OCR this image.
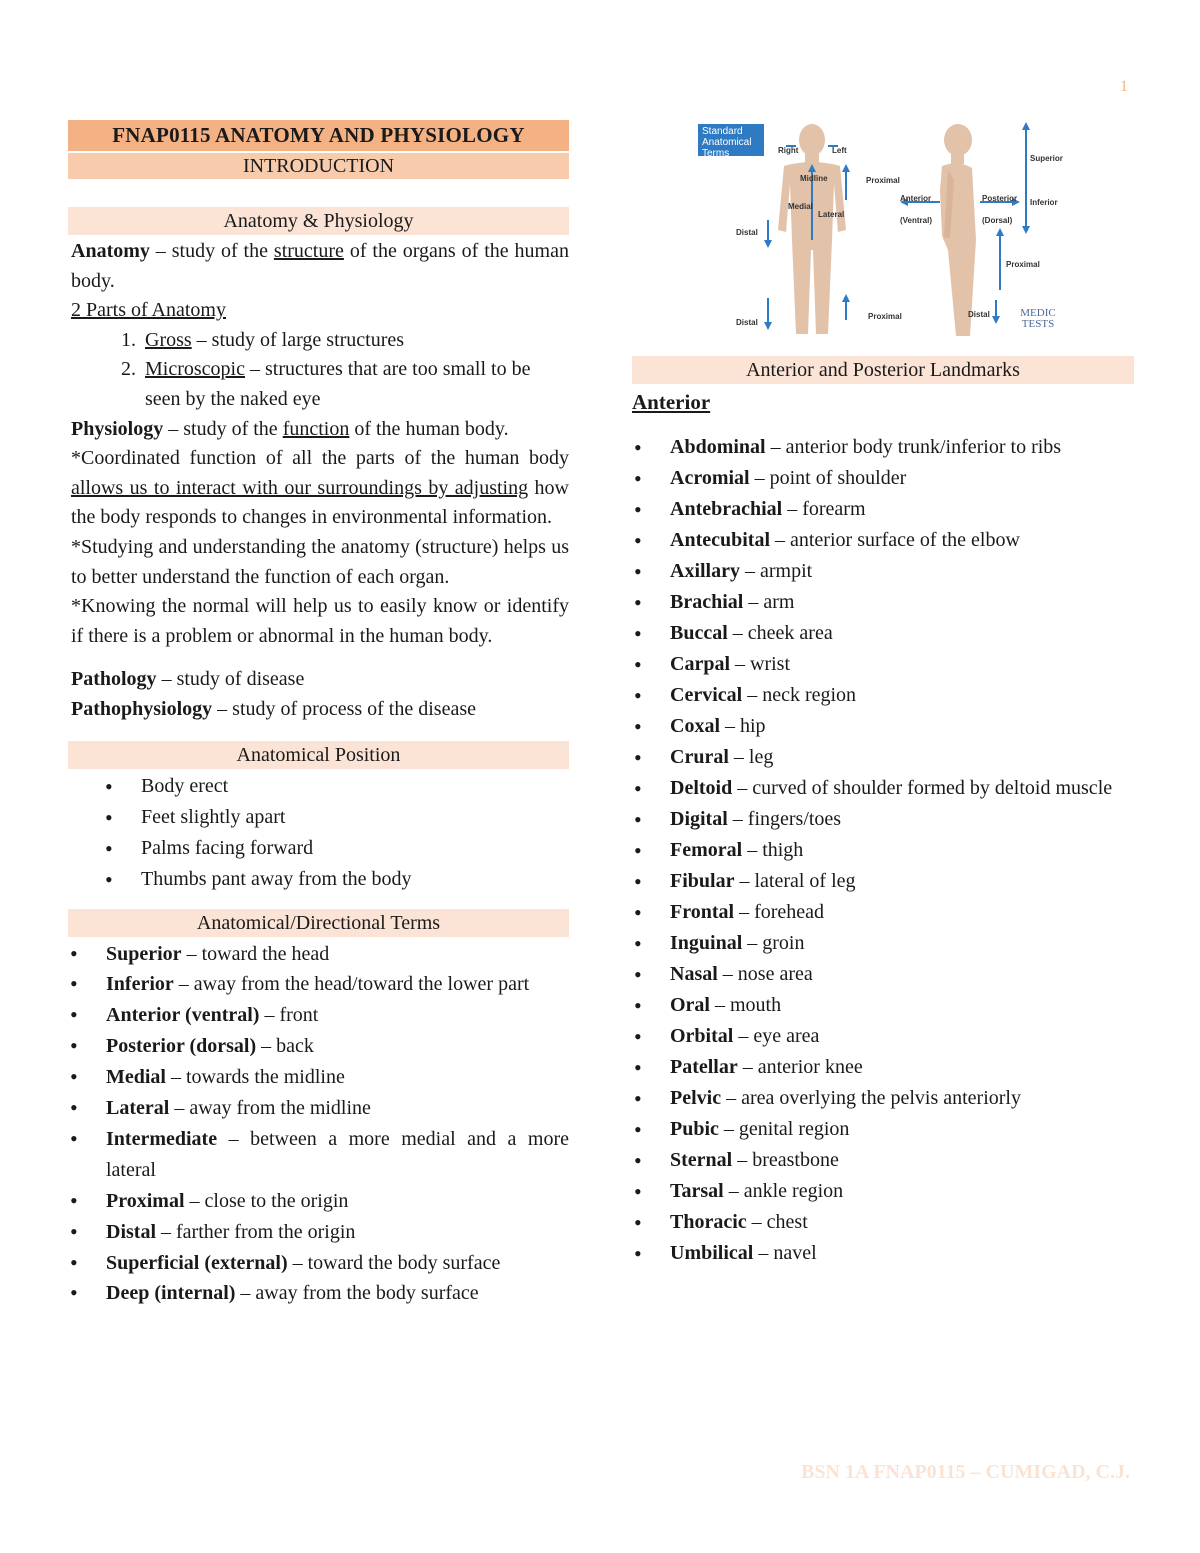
1
FNAP0115 ANATOMY AND PHYSIOLOGY
INTRODUCTION
Anatomy & Physiology

Anatomy – study of the structure of the organs of the human body.

2 Parts of Anatomy

1. Gross – study of large structures
2. Microscopic – structures that are too small to be seen by the naked eye

Physiology – study of the function of the human body.

*Coordinated function of all the parts of the human body allows us to interact with our surroundings by adjusting how the body responds to changes in environmental information.

*Studying and understanding the anatomy (structure) helps us to better understand the function of each organ.

*Knowing the normal will help us to easily know or identify if there is a problem or abnormal in the human body.

Pathology – study of disease

Pathophysiology – study of process of the disease

Anatomical Position
• Body erect
• Feet slightly apart
• Palms facing forward
• Thumbs pant away from the body
Anatomical/Directional Terms
• Superior – toward the head
• Inferior – away from the head/toward the lower part
• Anterior (ventral) – front
• Posterior (dorsal) – back
• Medial – towards the midline
• Lateral – away from the midline
• Intermediate – between a more medial and a more lateral
• Proximal – close to the origin
• Distal – farther from the origin
• Superficial (external) – toward the body surface
• Deep (internal) – away from the body surface
Standard Anatomical Terms	Right	Left
Midline
Medial
Lateral
Proximal
Anterior
(Ventral)
Posterior
(Dorsal)
Superior
Inferior
Distal
Distal
Proximal
Proximal
Distal	MEDIC TESTS
Anterior and Posterior Landmarks
Anterior
• Abdominal – anterior body trunk/inferior to ribs
• Acromial – point of shoulder
• Antebrachial – forearm
• Antecubital – anterior surface of the elbow
• Axillary – armpit
• Brachial – arm
• Buccal – cheek area
• Carpal – wrist
• Cervical – neck region
• Coxal – hip
• Crural – leg
• Deltoid – curved of shoulder formed by deltoid muscle
• Digital – fingers/toes
• Femoral – thigh
• Fibular – lateral of leg
• Frontal – forehead
• Inguinal – groin
• Nasal – nose area
• Oral – mouth
• Orbital – eye area
• Patellar – anterior knee
• Pelvic – area overlying the pelvis anteriorly
• Pubic – genital region
• Sternal – breastbone
• Tarsal – ankle region
• Thoracic – chest
• Umbilical – navel
BSN 1A FNAP0115 – CUMIGAD, C.J.
